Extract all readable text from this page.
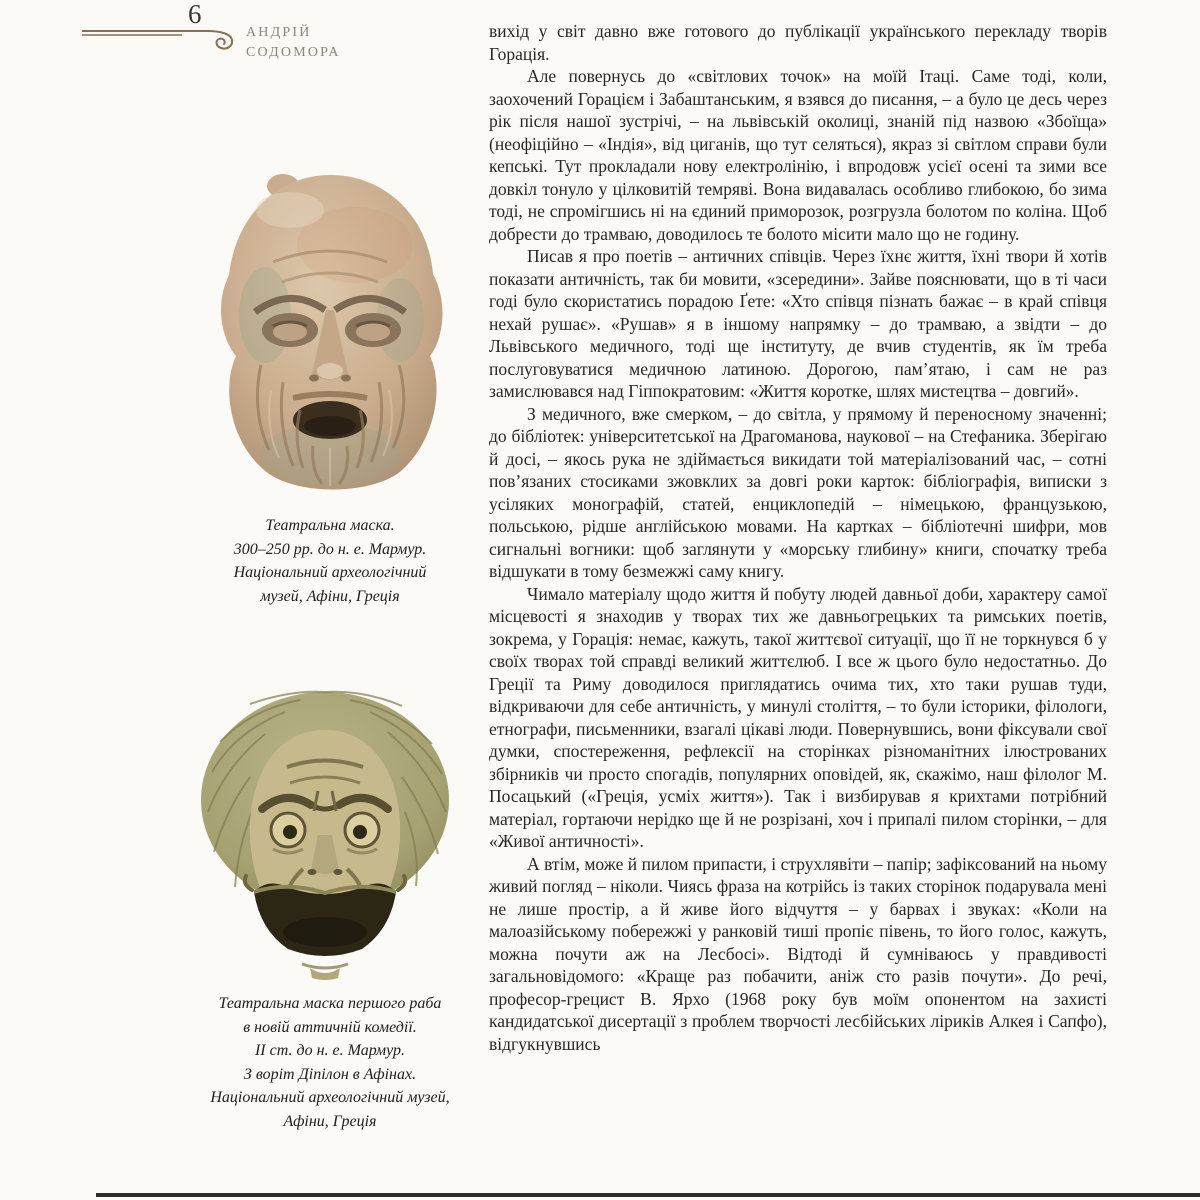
6
АНДРІЙ
СОДОМОРА
Театральна маска.
300–250 рр. до н. е. Мармур.
Національний археологічний
музей, Афіни, Греція
Театральна маска першого раба
в новій аттичній комедії.
ІІ ст. до н. е. Мармур.
З воріт Діпілон в Афінах.
Національний археологічний музей,
Афіни, Греція

вихід у світ давно вже готового до публікації українського перекладу творів Горація.

Але повернусь до «світлових точок» на моїй Ітаці. Саме тоді, коли, заохочений Горацієм і Забаштанським, я взявся до писання, – а було це десь через рік після нашої зустрічі, – на львівській околиці, знаній під назвою «Збоїща» (неофіційно – «Індія», від циганів, що тут селяться), якраз зі світлом справи були кепські. Тут прокладали нову електролінію, і впродовж усієї осені та зими все довкіл тонуло у цілковитій темряві. Вона видавалась особливо глибокою, бо зима тоді, не спромігшись ні на єдиний приморозок, розгрузла болотом по коліна. Щоб добрести до трамваю, доводилось те болото місити мало що не годину.

Писав я про поетів – античних співців. Через їхнє життя, їхні твори й хотів показати античність, так би мовити, «зсередини». Зайве пояснювати, що в ті часи годі було скористатись порадою Ґете: «Хто співця пізнать бажає – в край співця нехай рушає». «Рушав» я в іншому напрямку – до трамваю, а звідти – до Львівського медичного, тоді ще інституту, де вчив студентів, як їм треба послуговуватися медичною латиною. Дорогою, пам’ятаю, і сам не раз замислювався над Гіппократовим: «Життя коротке, шлях мистецтва – довгий».

З медичного, вже смерком, – до світла, у прямому й переносному значенні; до бібліотек: університетської на Драгоманова, наукової – на Стефаника. Зберігаю й досі, – якось рука не здіймається викидати той матеріалізований час, – сотні пов’язаних стосиками зжовклих за довгі роки карток: бібліографія, виписки з усіляких монографій, статей, енциклопедій – німецькою, французькою, польською, рідше англійською мовами. На картках – бібліотечні шифри, мов сигнальні вогники: щоб заглянути у «морську глибину» книги, спочатку треба відшукати в тому безмежжі саму книгу.

Чимало матеріалу щодо життя й побуту людей давньої доби, характеру самої місцевості я знаходив у творах тих же давньогрецьких та римських поетів, зокрема, у Горація: немає, кажуть, такої життєвої ситуації, що її не торкнувся б у своїх творах той справді великий життєлюб. І все ж цього було недостатньо. До Греції та Риму доводилося приглядатись очима тих, хто таки рушав туди, відкриваючи для себе античність, у минулі століття, – то були історики, філологи, етнографи, письменники, взагалі цікаві люди. Повернувшись, вони фіксували свої думки, спостереження, рефлексії на сторінках різноманітних ілюстрованих збірників чи просто спогадів, популярних оповідей, як, скажімо, наш філолог М. Посацький («Греція, усміх життя»). Так і визбирував я крихтами потрібний матеріал, гортаючи нерідко ще й не розрізані, хоч і припалі пилом сторінки, – для «Живої античності».

А втім, може й пилом припасти, і струхлявіти – папір; зафіксований на ньому живий погляд – ніколи. Чиясь фраза на котрійсь із таких сторінок подарувала мені не лише простір, а й живе його відчуття – у барвах і звуках: «Коли на малоазійському побережжі у ранковій тиші пропіє півень, то його голос, кажуть, можна почути аж на Лесбосі». Відтоді й сумніваюсь у правдивості загальновідомого: «Краще раз побачити, аніж сто разів почути». До речі, професор-грецист В. Ярхо (1968 року був моїм опонентом на захисті кандидатської дисертації з проблем творчості лесбійських ліриків Алкея і Сапфо), відгукнувшись
